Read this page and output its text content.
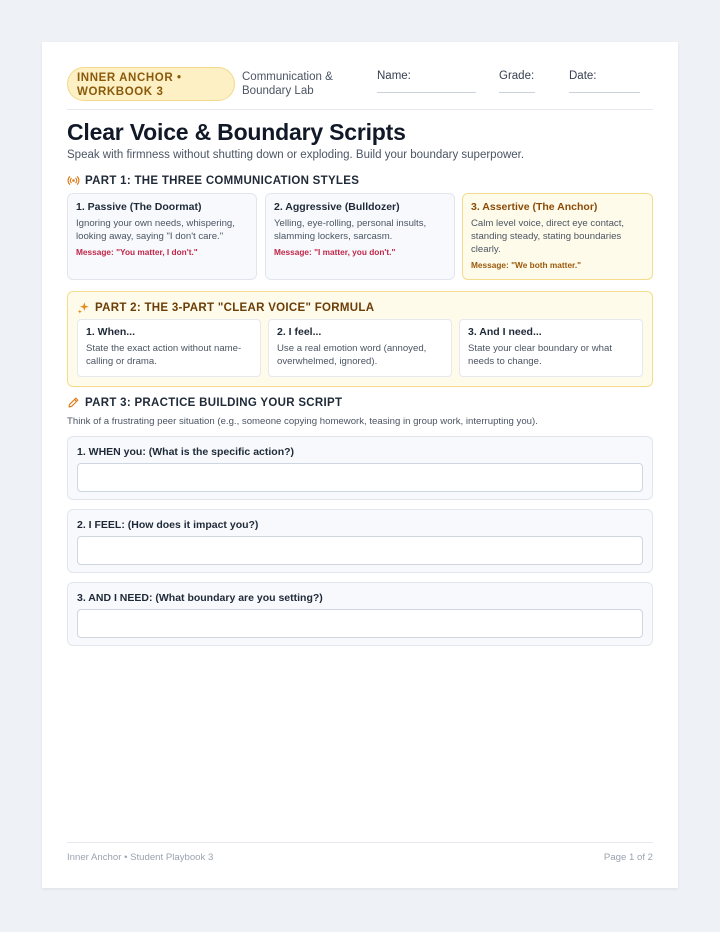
INNER ANCHOR • WORKBOOK 3
Communication & Boundary Lab
Name:	Grade:	Date:
Clear Voice & Boundary Scripts
Speak with firmness without shutting down or exploding. Build your boundary superpower.
PART 1: THE THREE COMMUNICATION STYLES
1. Passive (The Doormat)

Ignoring your own needs, whispering, looking away, saying "I don't care."

Message: "You matter, I don't."
2. Aggressive (Bulldozer)

Yelling, eye-rolling, personal insults, slamming lockers, sarcasm.

Message: "I matter, you don't."
3. Assertive (The Anchor)

Calm level voice, direct eye contact, standing steady, stating boundaries clearly.

Message: "We both matter."
PART 2: THE 3-PART "CLEAR VOICE" FORMULA
1. When...

State the exact action without name-calling or drama.

2. I feel...

Use a real emotion word (annoyed, overwhelmed, ignored).

3. And I need...

State your clear boundary or what needs to change.

PART 3: PRACTICE BUILDING YOUR SCRIPT
Think of a frustrating peer situation (e.g., someone copying homework, teasing in group work, interrupting you).
1. WHEN you: (What is the specific action?)
2. I FEEL: (How does it impact you?)
3. AND I NEED: (What boundary are you setting?)
Inner Anchor • Student Playbook 3	Page 1 of 2
